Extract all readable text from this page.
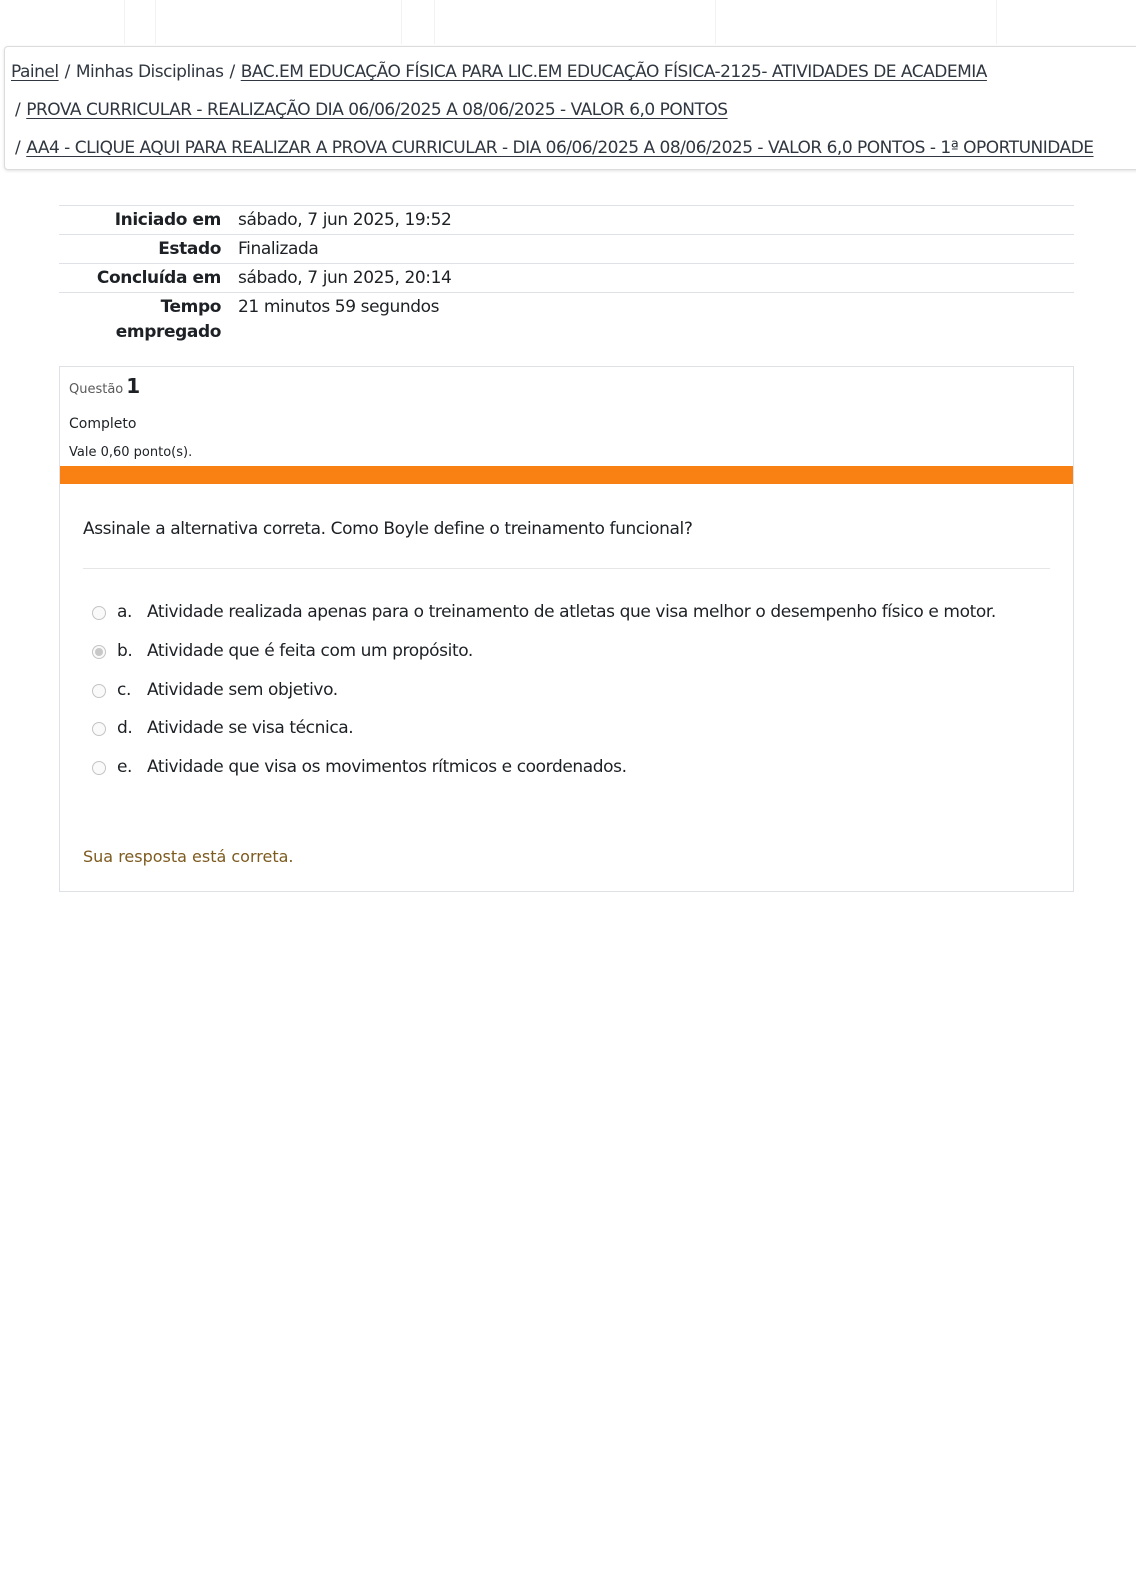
Painel / Minhas Disciplinas / BAC.EM EDUCAÇÃO FÍSICA PARA LIC.EM EDUCAÇÃO FÍSICA-2125- ATIVIDADES DE ACADEMIA
/ PROVA CURRICULAR - REALIZAÇÃO DIA 06/06/2025 A 08/06/2025 - VALOR 6,0 PONTOS
/ AA4 - CLIQUE AQUI PARA REALIZAR A PROVA CURRICULAR - DIA 06/06/2025 A 08/06/2025 - VALOR 6,0 PONTOS - 1ª OPORTUNIDADE
Iniciado em sábado, 7 jun 2025, 19:52
Estado Finalizada
Concluída em sábado, 7 jun 2025, 20:14
Tempo
empregado
21 minutos 59 segundos
Questão 1
Completo
Vale 0,60 ponto(s).
Assinale a alternativa correta. Como Boyle define o treinamento funcional?
a. Atividade realizada apenas para o treinamento de atletas que visa melhor o desempenho físico e motor.
b. Atividade que é feita com um propósito.
c. Atividade sem objetivo.
d. Atividade se visa técnica.
e. Atividade que visa os movimentos rítmicos e coordenados.
Sua resposta está correta.
